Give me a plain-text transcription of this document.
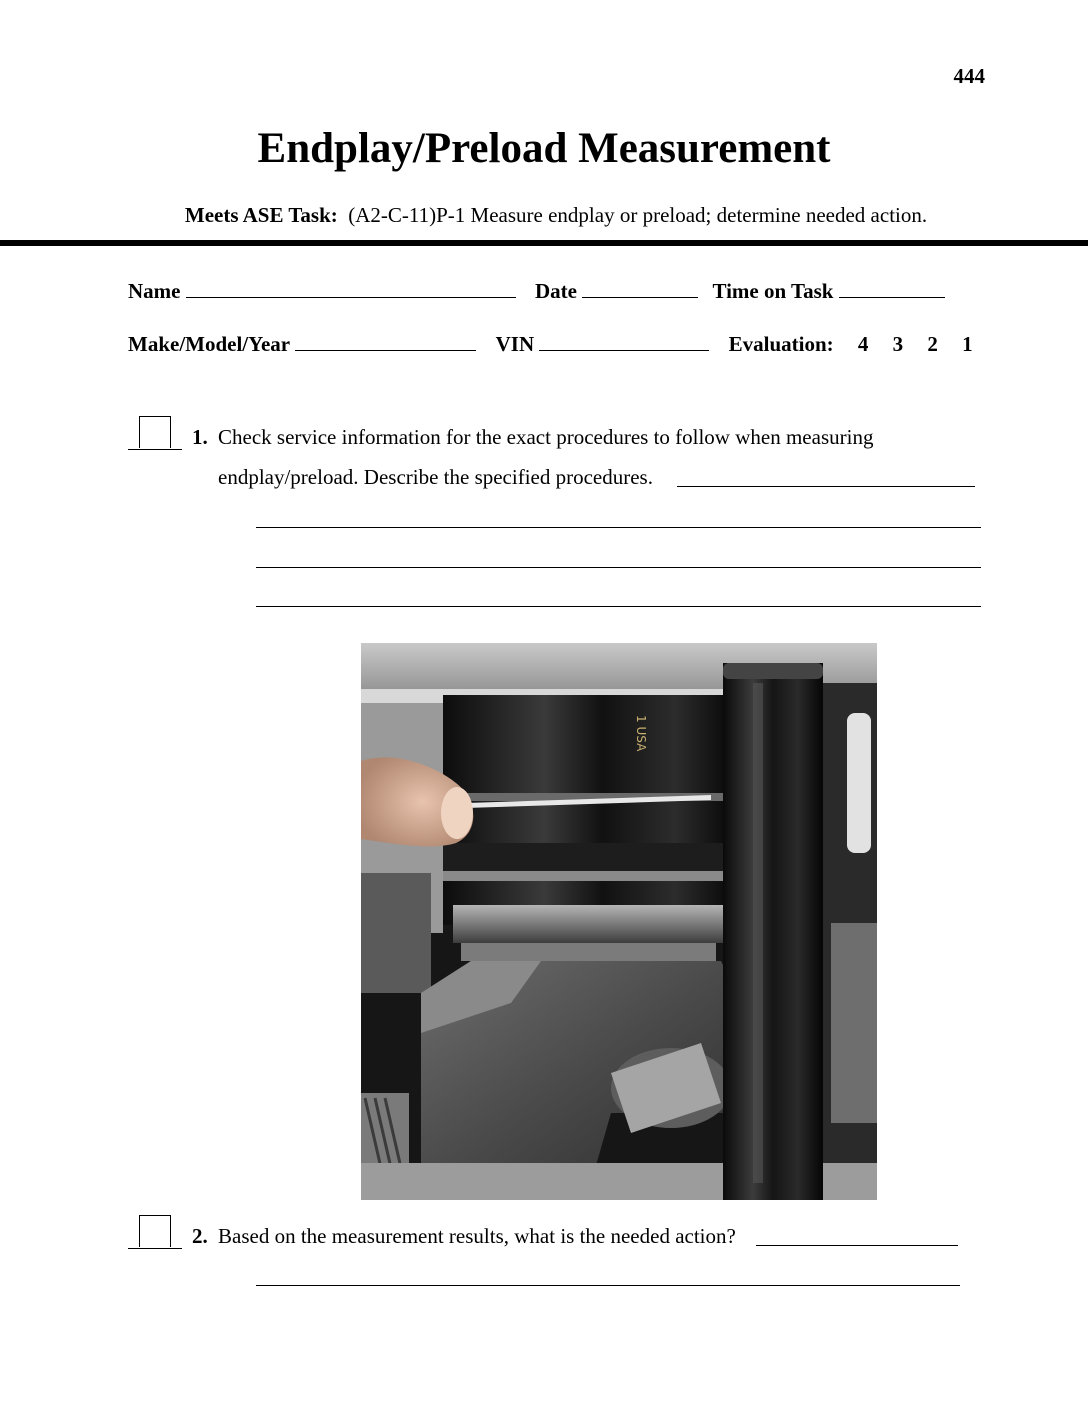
444
Endplay/Preload Measurement
Meets ASE Task: (A2-C-11)P-1 Measure endplay or preload; determine needed action.
Name	Date	Time on Task
Make/Model/Year	VIN	Evaluation: 4 3 2 1
1. Check service information for the exact procedures to follow when measuring
endplay/preload. Describe the specified procedures.
1 USA
2. Based on the measurement results, what is the needed action?
